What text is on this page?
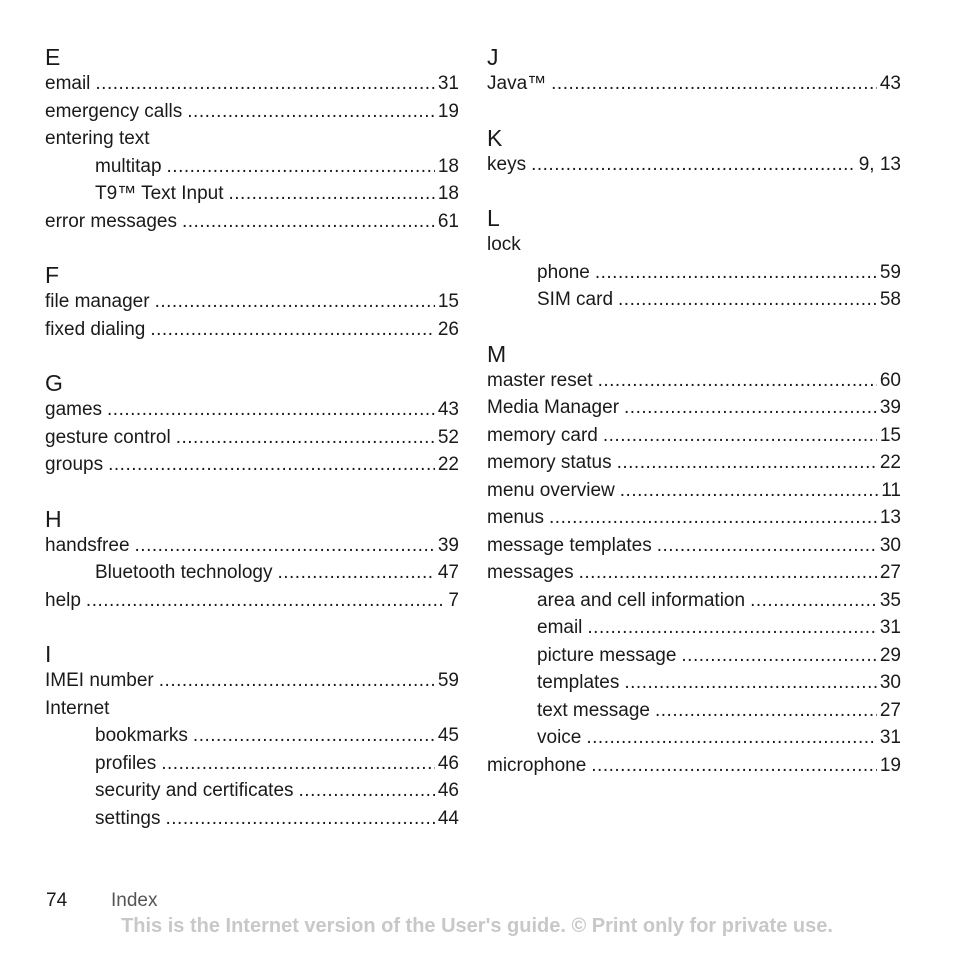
E
email .....	31
emergency calls .....	19
entering text
multitap .....	18
T9™ Text Input .....	18
error messages .....	61
F
file manager .....	15
fixed dialing .....	26
G
games .....	43
gesture control .....	52
groups .....	22
H
handsfree .....	39
Bluetooth technology .....	47
help .....	7
I
IMEI number .....	59
Internet
bookmarks .....	45
profiles .....	46
security and certificates .....	46
settings .....	44
J
Java™ .....	43
K
keys .....	9, 13
L
lock
phone .....	59
SIM card .....	58
M
master reset .....	60
Media Manager .....	39
memory card .....	15
memory status .....	22
menu overview .....	11
menus .....	13
message templates .....	30
messages .....	27
area and cell information .....	35
email .....	31
picture message .....	29
templates .....	30
text message .....	27
voice .....	31
microphone .....	19
74 Index
This is the Internet version of the User's guide. © Print only for private use.
